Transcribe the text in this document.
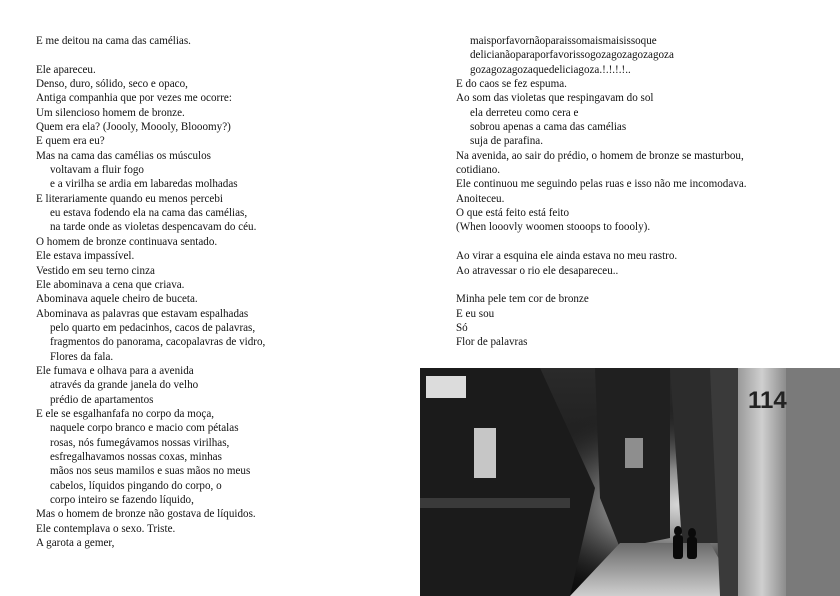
E me deitou na cama das camélias.
Ele apareceu.
Denso, duro, sólido, seco e opaco,
Antiga companhia que por vezes me ocorre:
Um silencioso homem de bronze.
Quem era ela? (Joooly, Moooly, Blooomy?)
E quem era eu?
Mas na cama das camélias os músculos
voltavam a fluir fogo
e a virilha se ardia em labaredas molhadas
E literariamente quando eu menos percebi
eu estava fodendo ela na cama das camélias,
na tarde onde as violetas despencavam do céu.
O homem de bronze continuava sentado.
Ele estava impassível.
Vestido em seu terno cinza
Ele abominava a cena que criava.
Abominava aquele cheiro de buceta.
Abominava as palavras que estavam espalhadas
pelo quarto em pedacinhos, cacos de palavras,
fragmentos do panorama, cacopalavras de vidro,
Flores da fala.
Ele fumava e olhava para a avenida
através da grande janela do velho
prédio de apartamentos
E ele se esgalhanfafa no corpo da moça,
naquele corpo branco e macio com pétalas
rosas, nós fumegávamos nossas virilhas,
esfregalhavamos nossas coxas, minhas
mãos nos seus mamilos e suas mãos no meus
cabelos, líquidos pingando do corpo, o
corpo inteiro se fazendo líquido,
Mas o homem de bronze não gostava de líquidos.
Ele contemplava o sexo. Triste.
A garota a gemer,
maisporfavornãoparaissomaismaisissoque
delicianãoparaporfavorissogozagozagozagoza
gozagozagozaquedeliciagoza.!.!.!.!..
E do caos se fez espuma.
Ao som das violetas que respingavam do sol
ela derretеu como cera e
sobrou apenas a cama das camélias
suja de parafina.
Na avenida, ao sair do prédio, o homem de bronze se masturbou,
cotidiano.
Ele continuou me seguindo pelas ruas e isso não me incomodava.
Anoiteceu.
O que está feito está feito
(When looovly woomen stooops to foooly).
Ao virar a esquina ele ainda estava no meu rastro.
Ao atravessar o rio ele desapareceu..
Minha pele tem cor de bronze
E eu sou
Só
Flor de palavras
114
